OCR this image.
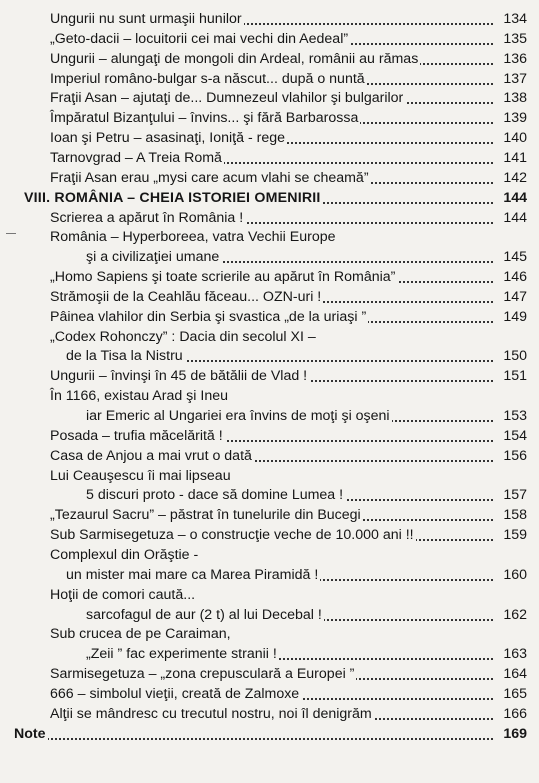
Ungurii nu sunt urmaşii hunilor	134
„Geto-dacii – locuitorii cei mai vechi din Aedeal”	135
Ungurii – alungaţi de mongoli din Ardeal, românii au rămas	136
Imperiul româno-bulgar s-a născut... după o nuntă	137
Fraţii Asan – ajutaţi de... Dumnezeul vlahilor şi bulgarilor	138
Împăratul Bizanţului – învins... şi fără Barbarossa	139
Ioan şi Petru – asasinaţi, Ioniţă - rege	140
Tarnovgrad – A Treia Romă	141
Fraţii Asan erau „mysi care acum vlahi se cheamă”	142
VIII. ROMÂNIA – CHEIA ISTORIEI OMENIRII	144
Scrierea a apărut în România !	144
România – Hyperboreea, vatra Vechii Europe
şi a civilizaţiei umane	145
„Homo Sapiens şi toate scrierile au apărut în România”	146
Strămoşii de la Ceahlău făceau... OZN-uri !	147
Pâinea vlahilor din Serbia şi svastica „de la uriaşi ”	149
„Codex Rohonczy” : Dacia din secolul XI –
de la Tisa la Nistru	150
Ungurii – învinşi în 45 de bătălii de Vlad !	151
În 1166, existau Arad şi Ineu
iar Emeric al Ungariei era învins de moţi şi oşeni	153
Posada – trufia măcelărită !	154
Casa de Anjou a mai vrut o dată	156
Lui Ceauşescu îi mai lipseau
5 discuri proto - dace să domine Lumea !	157
„Tezaurul Sacru” – păstrat în tunelurile din Bucegi	158
Sub Sarmisegetuza – o construcţie veche de 10.000 ani !!	159
Complexul din Orăştie -
un mister mai mare ca Marea Piramidă !	160
Hoţii de comori caută...
sarcofagul de aur (2 t) al lui Decebal !	162
Sub crucea de pe Caraiman,
„Zeii ” fac experimente stranii !	163
Sarmisegetuza – „zona crepusculară a Europei ”	164
666 – simbolul vieţii, creată de Zalmoxe	165
Alţii se mândresc cu trecutul nostru, noi îl denigrăm	166
Note	169
